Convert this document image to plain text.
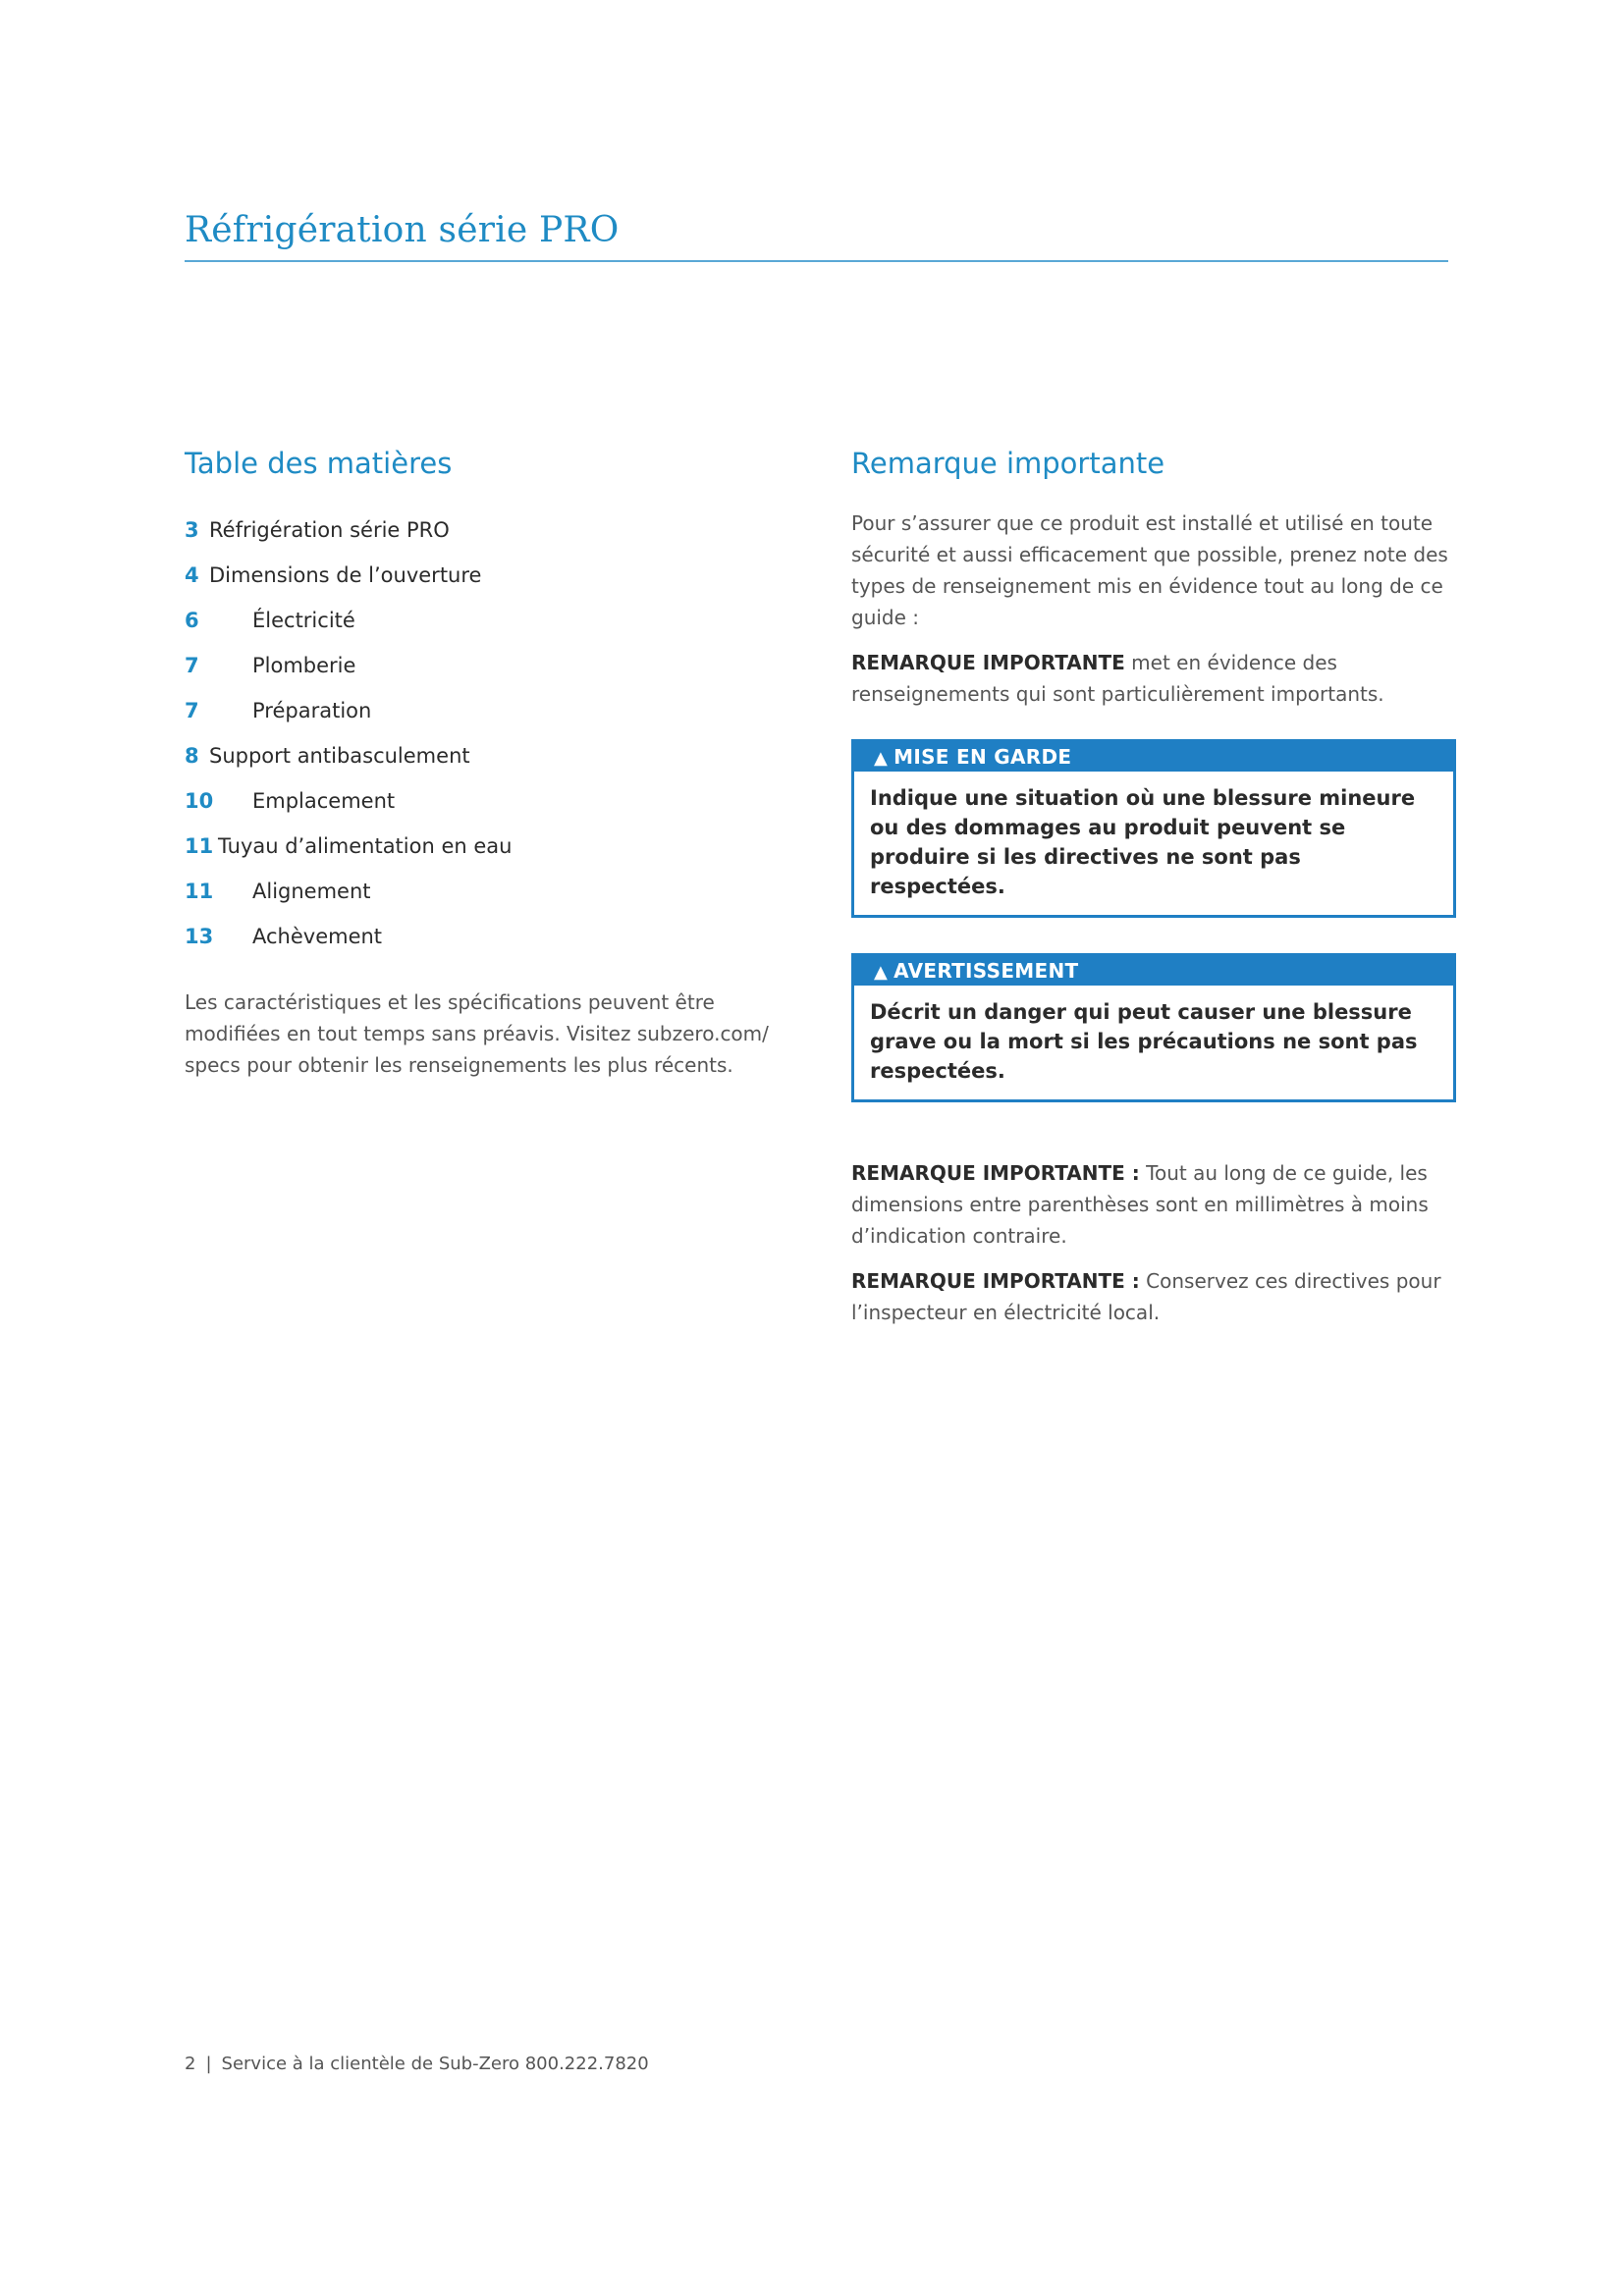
Réfrigération série PRO
Table des matières
3 Réfrigération série PRO
4 Dimensions de l’ouverture
6	Électricité
7	Plomberie
7	Préparation
8 Support antibasculement
10 Emplacement
11 Tuyau d’alimentation en eau
11 Alignement
13 Achèvement
Les caractéristiques et les spécifications peuvent être modifiées en tout temps sans préavis. Visitez subzero.com/ specs pour obtenir les renseignements les plus récents.
Remarque importante

Pour s’assurer que ce produit est installé et utilisé en toute sécurité et aussi efficacement que possible, prenez note des types de renseignement mis en évidence tout au long de ce guide :

REMARQUE IMPORTANTE met en évidence des renseignements qui sont particulièrement importants.

▲ MISE EN GARDE
Indique une situation où une blessure mineure ou des dommages au produit peuvent se produire si les directives ne sont pas respectées.
▲ AVERTISSEMENT
Décrit un danger qui peut causer une blessure grave ou la mort si les précautions ne sont pas respectées.

REMARQUE IMPORTANTE : Tout au long de ce guide, les dimensions entre parenthèses sont en millimètres à moins d’indication contraire.

REMARQUE IMPORTANTE : Conservez ces directives pour l’inspecteur en électricité local.

2 | Service à la clientèle de Sub-Zero 800.222.7820
